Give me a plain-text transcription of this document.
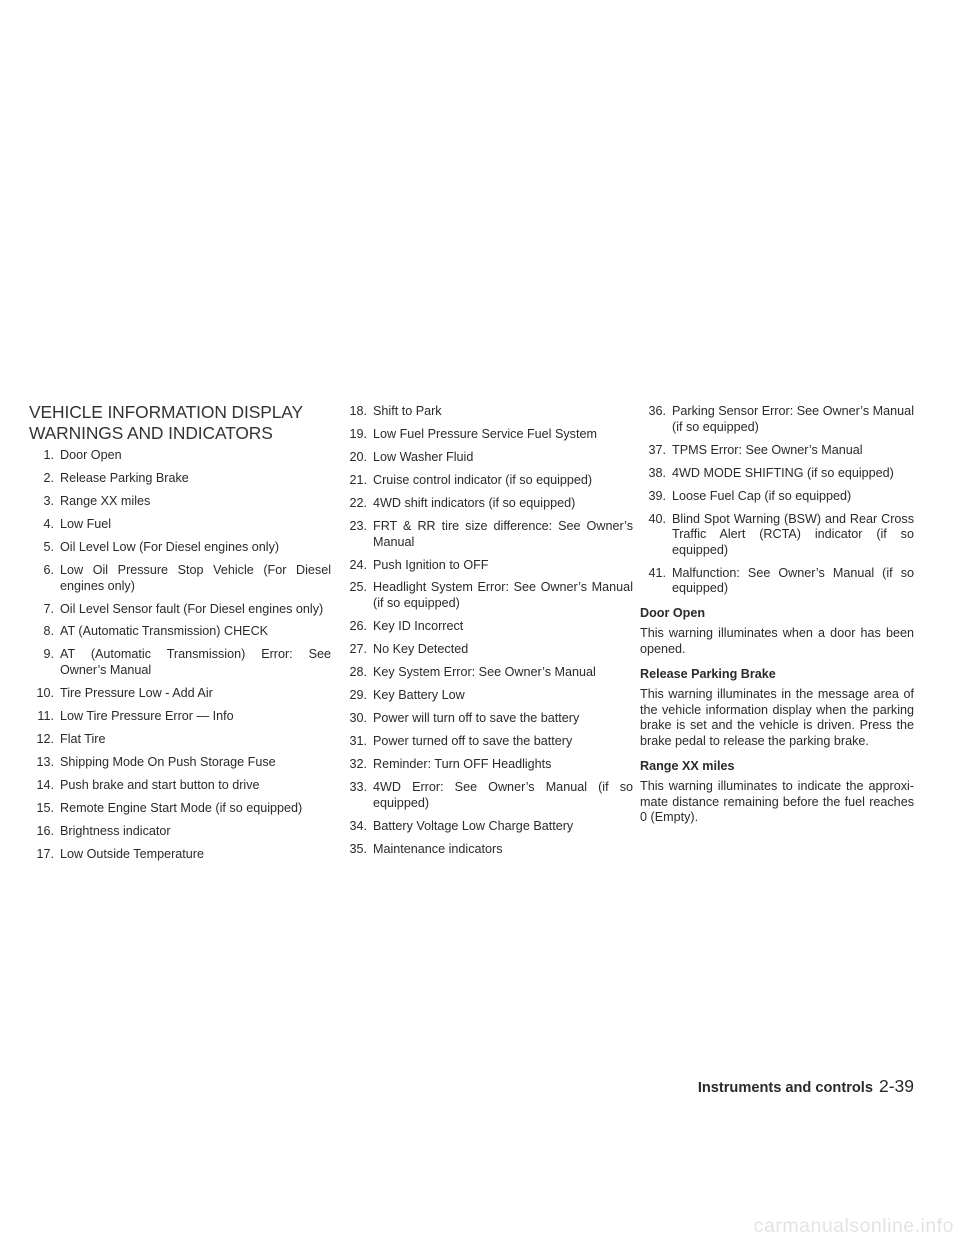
VEHICLE INFORMATION DISPLAY
WARNINGS AND INDICATORS
1. Door Open
2. Release Parking Brake
3. Range XX miles
4. Low Fuel
5. Oil Level Low (For Diesel engines only)
6. Low Oil Pressure Stop Vehicle (For Diesel engines only)
7. Oil Level Sensor fault (For Diesel engines only)
8. AT (Automatic Transmission) CHECK
9. AT (Automatic Transmission) Error: See Owner’s Manual
10. Tire Pressure Low - Add Air
11. Low Tire Pressure Error — Info
12. Flat Tire
13. Shipping Mode On Push Storage Fuse
14. Push brake and start button to drive
15. Remote Engine Start Mode (if so equipped)
16. Brightness indicator
17. Low Outside Temperature
18. Shift to Park
19. Low Fuel Pressure Service Fuel System
20. Low Washer Fluid
21. Cruise control indicator (if so equipped)
22. 4WD shift indicators (if so equipped)
23. FRT & RR tire size difference: See Owner’s Manual
24. Push Ignition to OFF
25. Headlight System Error: See Owner’s Manual (if so equipped)
26. Key ID Incorrect
27. No Key Detected
28. Key System Error: See Owner’s Manual
29. Key Battery Low
30. Power will turn off to save the battery
31. Power turned off to save the battery
32. Reminder: Turn OFF Headlights
33. 4WD Error: See Owner’s Manual (if so equipped)
34. Battery Voltage Low Charge Battery
35. Maintenance indicators
36. Parking Sensor Error: See Owner’s Manual (if so equipped)
37. TPMS Error: See Owner’s Manual
38. 4WD MODE SHIFTING (if so equipped)
39. Loose Fuel Cap (if so equipped)
40. Blind Spot Warning (BSW) and Rear Cross Traffic Alert (RCTA) indicator (if so equipped)
41. Malfunction: See Owner’s Manual (if so equipped)
Door Open

This warning illuminates when a door has been opened.

Release Parking Brake

This warning illuminates in the message area of the vehicle information display when the parking brake is set and the vehicle is driven. Press the brake pedal to release the parking brake.

Range XX miles

This warning illuminates to indicate the approxi-mate distance remaining before the fuel reaches 0 (Empty).

Instruments and controls 2-39
carmanualsonline.info
